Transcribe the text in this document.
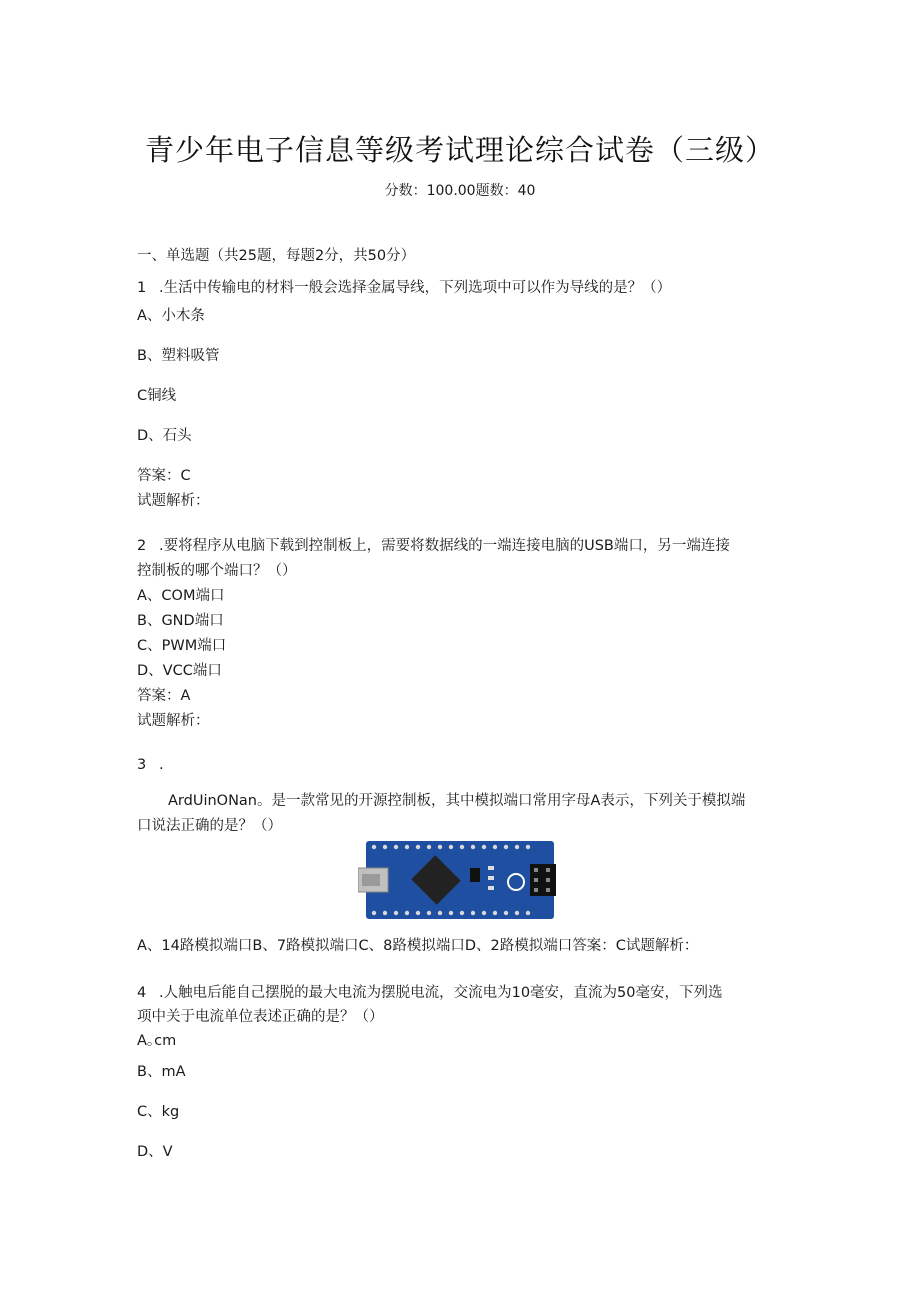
青少年电子信息等级考试理论综合试卷（三级）
分数：100.00题数：40
一、单选题（共25题，每题2分，共50分）
1 .生活中传输电的材料一般会选择金属导线，下列选项中可以作为导线的是？（）
A、小木条
B、塑料吸管
C铜线
D、石头
答案：C
试题解析：
2 .要将程序从电脑下载到控制板上，需要将数据线的一端连接电脑的USB端口，另一端连接
控制板的哪个端口？（）
A、COM端口
B、GND端口
C、PWM端口
D、VCC端口
答案：A
试题解析：
3 .
ArdUinONan。是一款常见的开源控制板，其中模拟端口常用字母A表示，下列关于模拟端
口说法正确的是？（）
A、14路模拟端口B、7路模拟端口C、8路模拟端口D、2路模拟端口答案：C试题解析：
4 .人触电后能自己摆脱的最大电流为摆脱电流，交流电为10毫安，直流为50毫安，下列选
项中关于电流单位表述正确的是？（）
A｡cm
B、mA
C、kg
D、V
